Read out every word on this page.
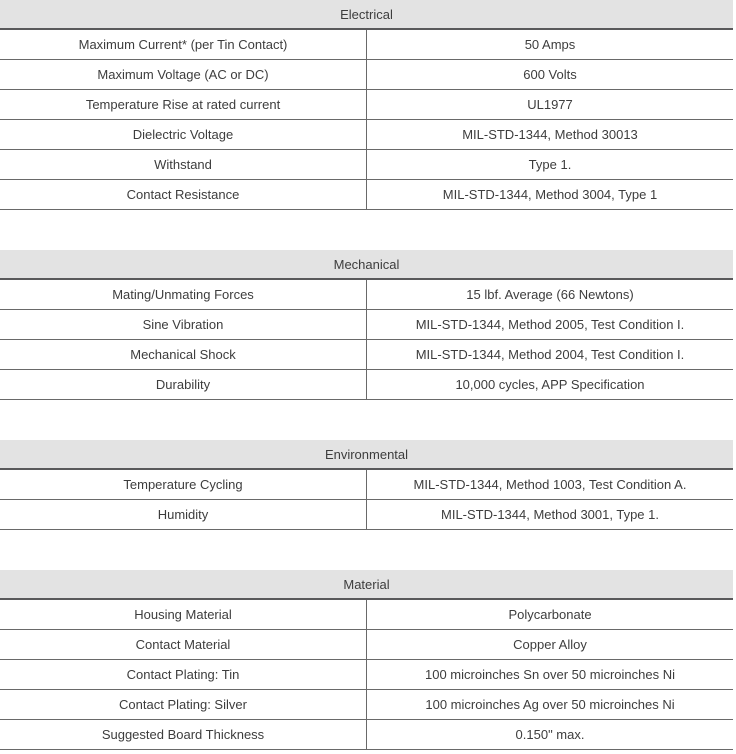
Electrical	
Maximum Current* (per Tin Contact)	50 Amps
Maximum Voltage (AC or DC)	600 Volts
Temperature Rise at rated current	UL1977
Dielectric Voltage	MIL-STD-1344, Method 30013
Withstand	Type 1.
Contact Resistance	MIL-STD-1344, Method 3004, Type 1
Mechanical	
Mating/Unmating Forces	15 lbf. Average (66 Newtons)
Sine Vibration	MIL-STD-1344, Method 2005, Test Condition I.
Mechanical Shock	MIL-STD-1344, Method 2004, Test Condition I.
Durability	10,000 cycles, APP Specification
Environmental	
Temperature Cycling	MIL-STD-1344, Method 1003, Test Condition A.
Humidity	MIL-STD-1344, Method 3001, Type 1.
Material	
Housing Material	Polycarbonate
Contact Material	Copper Alloy
Contact Plating: Tin	100 microinches Sn over 50 microinches Ni
Contact Plating: Silver	100 microinches Ag over 50 microinches Ni
Suggested Board Thickness	0.150" max.
